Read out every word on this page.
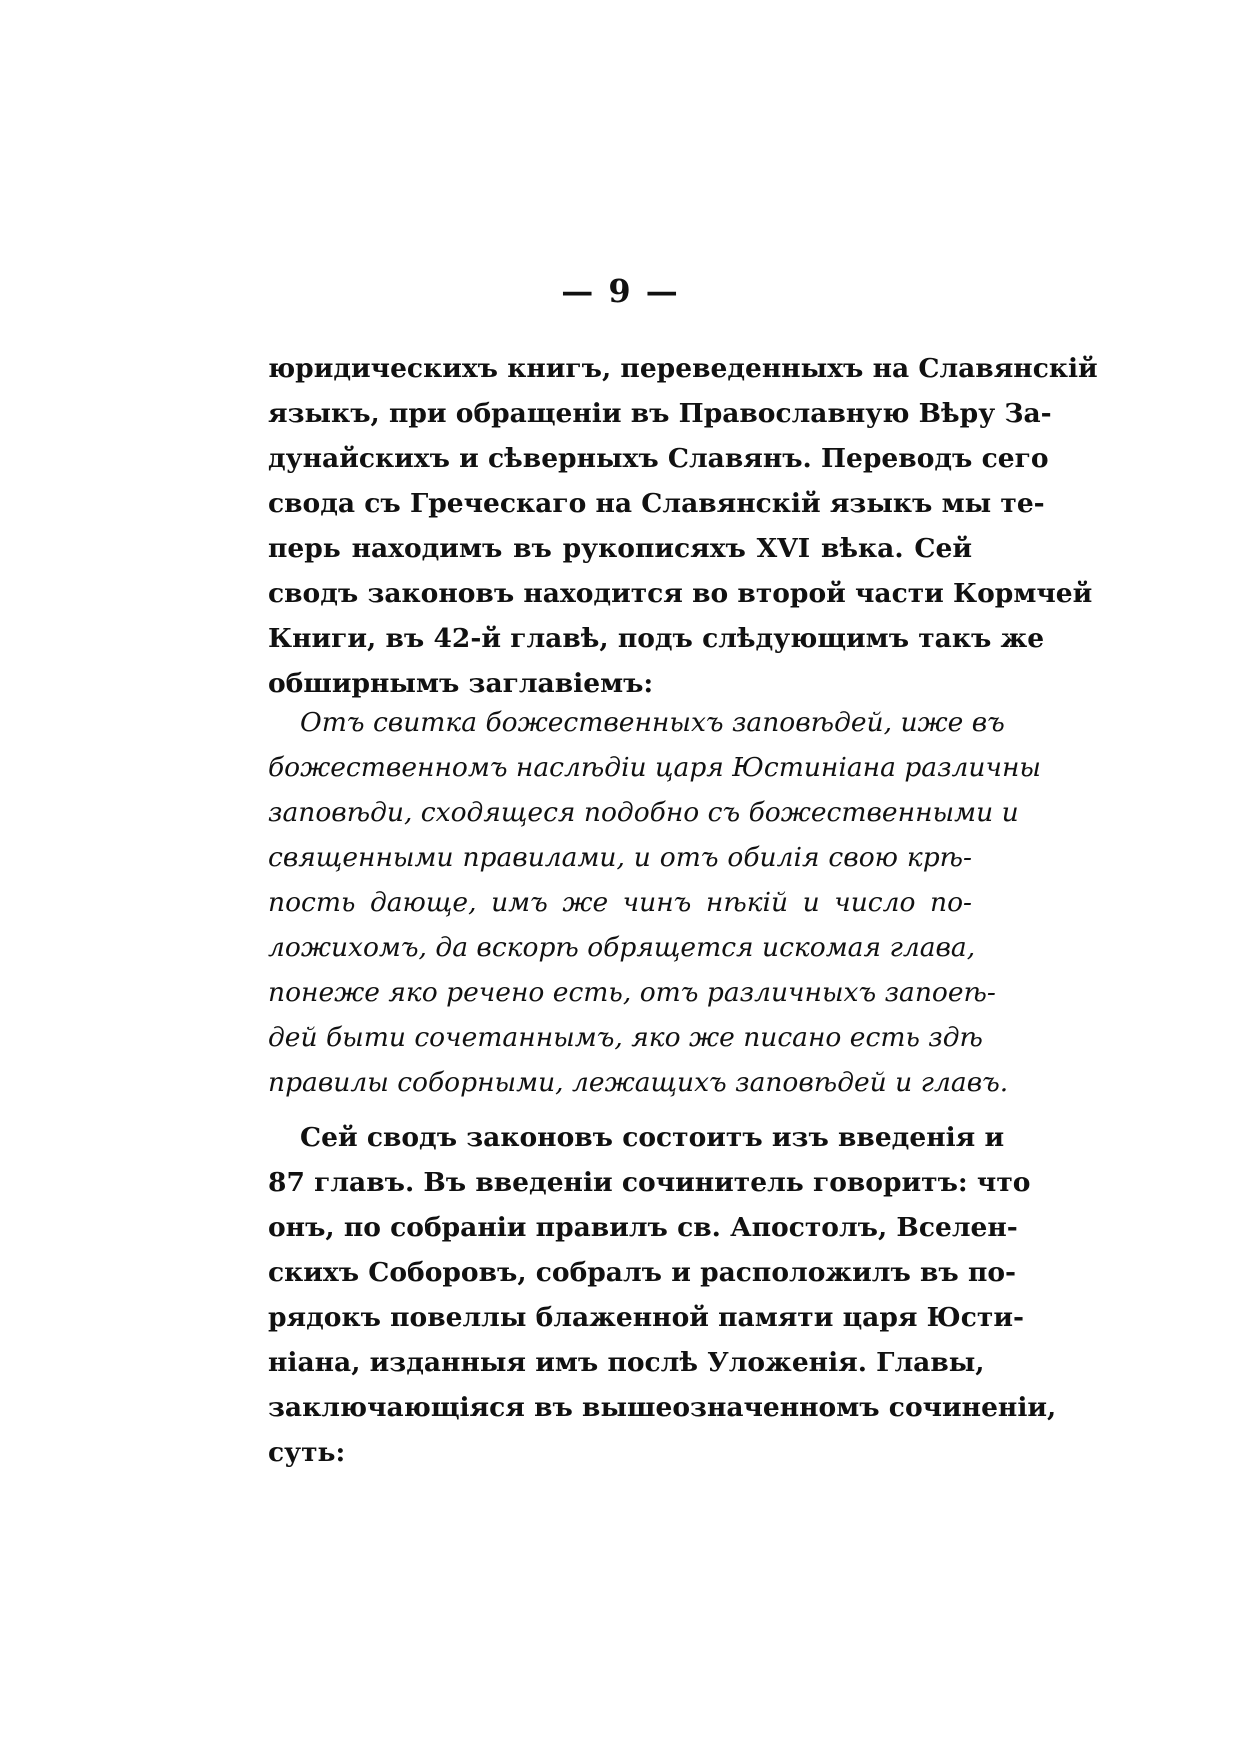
— 9 —
юридическихъ книгъ, переведенныхъ на Славянскій
языкъ, при обращеніи въ Православную Вѣру За-
дунайскихъ и сѣверныхъ Славянъ. Переводъ сего
свода съ Греческаго на Славянскій языкъ мы те-
перь находимъ въ рукописяхъ XVI вѣка. Сей
сводъ законовъ находится во второй части Кормчей
Книги, въ 42-й главѣ, подъ слѣдующимъ такъ же
обширнымъ заглавіемъ:
Отъ свитка божественныхъ заповѣдей, иже въ
божественномъ наслѣдіи царя Юстиніана различны
заповѣди, сходящеся подобно съ божественными и
священными правилами, и отъ обилія свою крѣ-
пость дающе, имъ же чинъ нѣкій и число по-
ложихомъ, да вскорѣ обрящется искомая глава,
понеже яко речено есть, отъ различныхъ запоеѣ-
дей быти сочетаннымъ, яко же писано есть здѣ
правилы соборными, лежащихъ заповѣдей и главъ.
Сей сводъ законовъ состоитъ изъ введенія и
87 главъ. Въ введеніи сочинитель говоритъ: что
онъ, по собраніи правилъ св. Апостолъ, Вселен-
скихъ Соборовъ, собралъ и расположилъ въ по-
рядокъ повеллы блаженной памяти царя Юсти-
ніана, изданныя имъ послѣ Уложенія. Главы,
заключающіяся въ вышеозначенномъ сочиненіи,
суть:
